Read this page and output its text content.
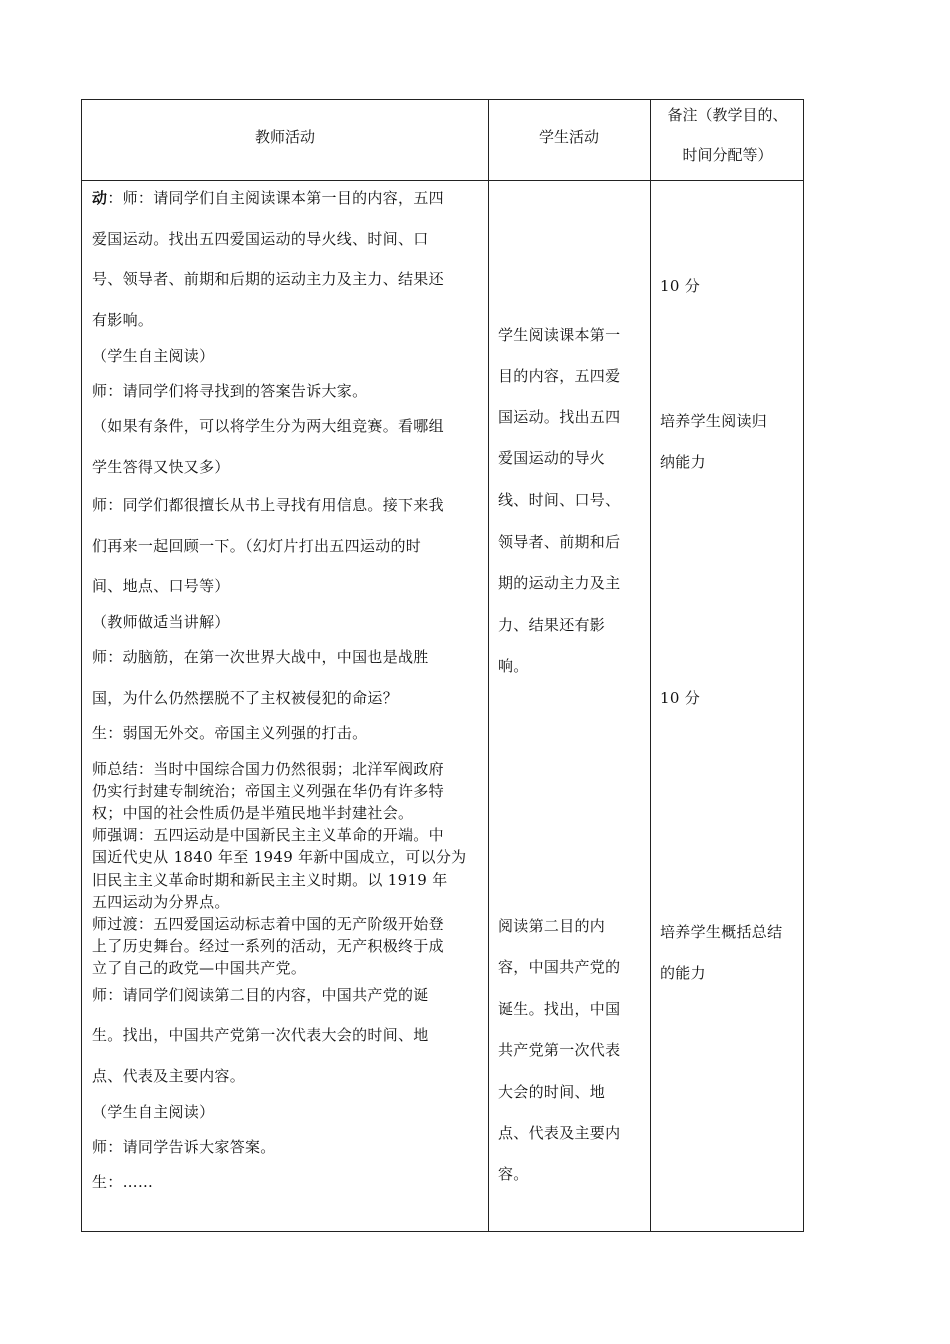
教师活动	学生活动
备注（教学目的、
时间分配等）
动：师：请同学们自主阅读课本第一目的内容，五四
爱国运动。找出五四爱国运动的导火线、时间、口
号、领导者、前期和后期的运动主力及主力、结果还
有影响。
（学生自主阅读）
师：请同学们将寻找到的答案告诉大家。
（如果有条件，可以将学生分为两大组竞赛。看哪组
学生答得又快又多）
师：同学们都很擅长从书上寻找有用信息。接下来我
们再来一起回顾一下。（幻灯片打出五四运动的时
间、地点、口号等）
（教师做适当讲解）
师：动脑筋，在第一次世界大战中，中国也是战胜
国，为什么仍然摆脱不了主权被侵犯的命运？
生：弱国无外交。帝国主义列强的打击。
师总结：当时中国综合国力仍然很弱；北洋军阀政府
仍实行封建专制统治；帝国主义列强在华仍有许多特
权；中国的社会性质仍是半殖民地半封建社会。
师强调：五四运动是中国新民主主义革命的开端。中
国近代史从 1840 年至 1949 年新中国成立，可以分为
旧民主主义革命时期和新民主主义时期。以 1919 年
五四运动为分界点。
师过渡：五四爱国运动标志着中国的无产阶级开始登
上了历史舞台。经过一系列的活动，无产积极终于成
立了自己的政党—中国共产党。
师：请同学们阅读第二目的内容，中国共产党的诞
生。找出，中国共产党第一次代表大会的时间、地
点、代表及主要内容。
（学生自主阅读）
师：请同学告诉大家答案。
生：……
学生阅读课本第一
目的内容，五四爱
国运动。找出五四
爱国运动的导火
线、时间、口号、
领导者、前期和后
期的运动主力及主
力、结果还有影
响。
阅读第二目的内
容，中国共产党的
诞生。找出，中国
共产党第一次代表
大会的时间、地
点、代表及主要内
容。
10 分
培养学生阅读归
纳能力
10 分
培养学生概括总结
的能力
